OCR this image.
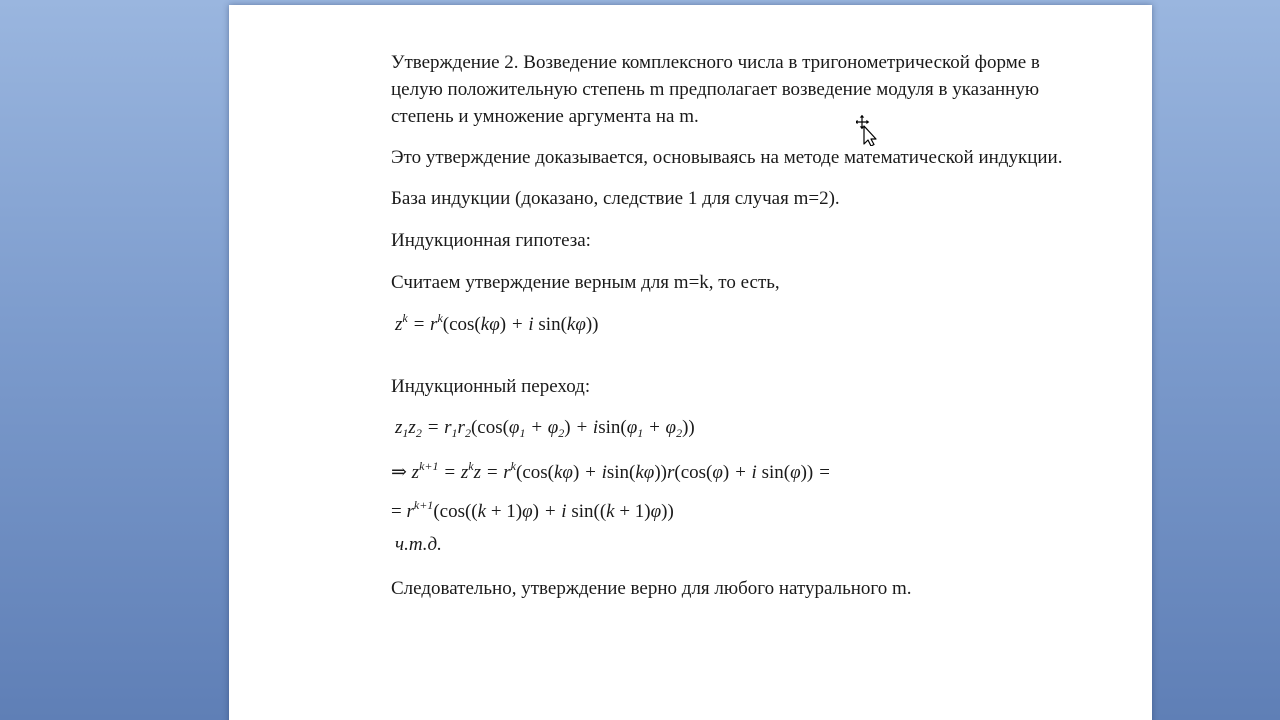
Утверждение 2. Возведение комплексного числа в тригонометрической форме в целую положительную степень m предполагает возведение модуля в указанную степень и умножение аргумента на m.

Это утверждение доказывается, основываясь на методе математической индукции.

База индукции (доказано, следствие 1 для случая m=2).

Индукционная гипотеза:

Считаем утверждение верным для m=k, то есть,

$z^k = r^k(\cos(k\varphi) + i$ sin(kφ))

Индукционный переход:

$z_1z_2 = r_1r_2(\cos(\varphi_1 + \varphi_2) + isin(\varphi_1 + \varphi_2))$
⇒ $z^{k+1} = z^kz = r^k(\cos(k\varphi) + isin(k\varphi))r(\cos(\varphi) + i$ sin(φ)) =
= $r^{k+1}(\cos((k + 1)\varphi) + i$ sin((k + 1)φ))
ч.т.д.

Следовательно, утверждение верно для любого натурального m.
